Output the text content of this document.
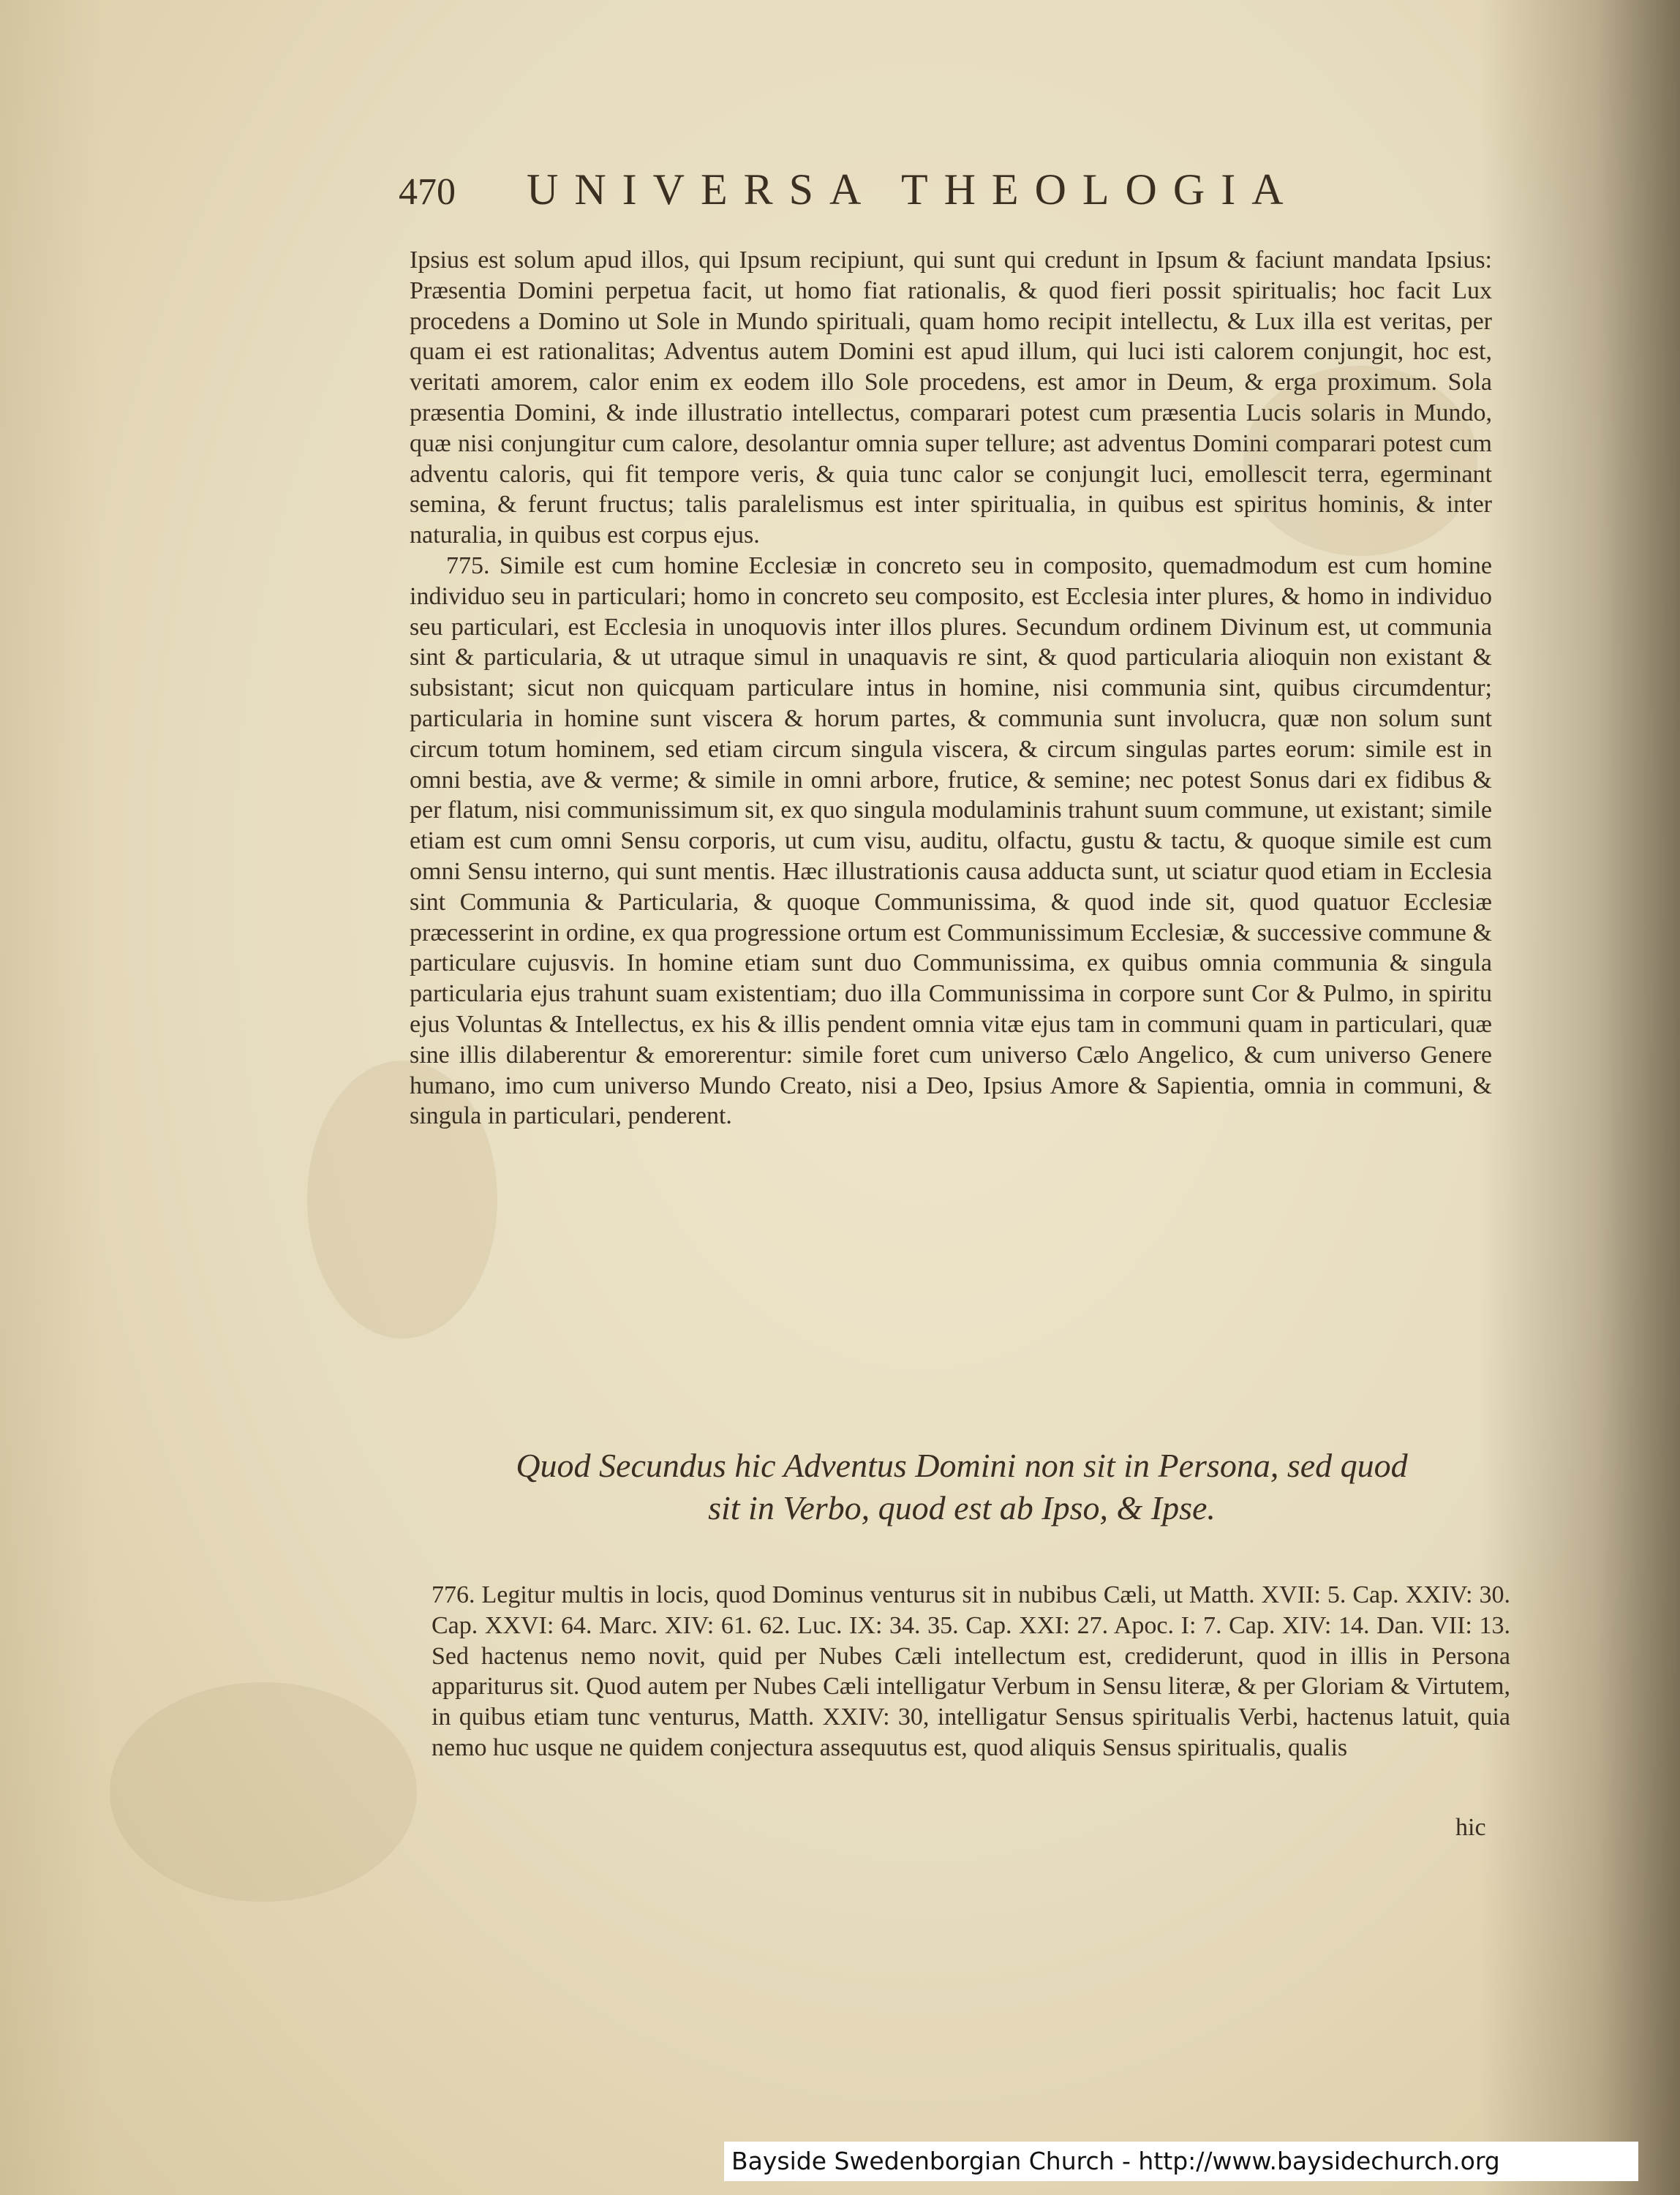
470 UNIVERSA THEOLOGIA

Ipsius est solum apud illos, qui Ipsum recipiunt, qui sunt qui credunt in Ipsum & faciunt mandata Ipsius: Præsentia Domini perpetua facit, ut homo fiat rationalis, & quod fieri possit spiritualis; hoc facit Lux procedens a Domino ut Sole in Mundo spirituali, quam homo recipit intellectu, & Lux illa est veritas, per quam ei est rationalitas; Adventus autem Domini est apud illum, qui luci isti calorem conjungit, hoc est, veritati amorem, calor enim ex eodem illo Sole procedens, est amor in Deum, & erga proximum. Sola præsentia Domini, & inde illustratio intellectus, comparari potest cum præsentia Lucis solaris in Mundo, quæ nisi conjungitur cum calore, desolantur omnia super tellure; ast adventus Domini comparari potest cum adventu caloris, qui fit tempore veris, & quia tunc calor se conjungit luci, emollescit terra, egerminant semina, & ferunt fructus; talis paralelismus est inter spiritualia, in quibus est spiritus hominis, & inter naturalia, in quibus est corpus ejus.

775. Simile est cum homine Ecclesiæ in concreto seu in composito, quemadmodum est cum homine individuo seu in particulari; homo in concreto seu composito, est Ecclesia inter plures, & homo in individuo seu particulari, est Ecclesia in unoquovis inter illos plures. Secundum ordinem Divinum est, ut communia sint & particularia, & ut utraque simul in unaquavis re sint, & quod particularia alioquin non existant & subsistant; sicut non quicquam particulare intus in homine, nisi communia sint, quibus circumdentur; particularia in homine sunt viscera & horum partes, & communia sunt involucra, quæ non solum sunt circum totum hominem, sed etiam circum singula viscera, & circum singulas partes eorum: simile est in omni bestia, ave & verme; & simile in omni arbore, frutice, & semine; nec potest Sonus dari ex fidibus & per flatum, nisi communissimum sit, ex quo singula modulaminis trahunt suum commune, ut existant; simile etiam est cum omni Sensu corporis, ut cum visu, auditu, olfactu, gustu & tactu, & quoque simile est cum omni Sensu interno, qui sunt mentis. Hæc illustrationis causa adducta sunt, ut sciatur quod etiam in Ecclesia sint Communia & Particularia, & quoque Communissima, & quod inde sit, quod quatuor Ecclesiæ præcesserint in ordine, ex qua progressione ortum est Communissimum Ecclesiæ, & successive commune & particulare cujusvis. In homine etiam sunt duo Communissima, ex quibus omnia communia & singula particularia ejus trahunt suam existentiam; duo illa Communissima in corpore sunt Cor & Pulmo, in spiritu ejus Voluntas & Intellectus, ex his & illis pendent omnia vitæ ejus tam in communi quam in particulari, quæ sine illis dilaberentur & emorerentur: simile foret cum universo Cælo Angelico, & cum universo Genere humano, imo cum universo Mundo Creato, nisi a Deo, Ipsius Amore & Sapientia, omnia in communi, & singula in particulari, penderent.

Quod Secundus hic Adventus Domini non sit in Persona, sed quod
sit in Verbo, quod est ab Ipso, & Ipse.
776. Legitur multis in locis, quod Dominus venturus sit in nubibus Cæli, ut Matth. XVII: 5. Cap. XXIV: 30. Cap. XXVI: 64. Marc. XIV: 61. 62. Luc. IX: 34. 35. Cap. XXI: 27. Apoc. I: 7. Cap. XIV: 14. Dan. VII: 13. Sed hactenus nemo novit, quid per Nubes Cæli intellectum est, crediderunt, quod in illis in Persona appariturus sit. Quod autem per Nubes Cæli intelligatur Verbum in Sensu literæ, & per Gloriam & Virtutem, in quibus etiam tunc venturus, Matth. XXIV: 30, intelligatur Sensus spiritualis Verbi, hactenus latuit, quia nemo huc usque ne quidem conjectura assequutus est, quod aliquis Sensus spiritualis, qualis
hic
Bayside Swedenborgian Church - http://www.baysidechurch.org
